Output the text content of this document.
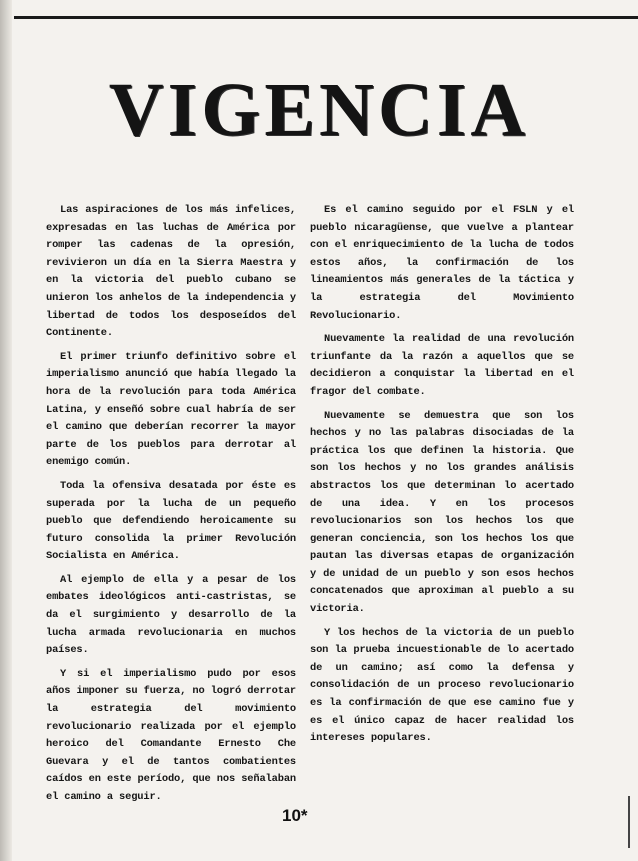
VIGENCIA

Las aspiraciones de los más infelices, expresadas en las luchas de América por romper las cadenas de la opresión, revivieron un día en la Sierra Maestra y en la victoria del pueblo cubano se unieron los anhelos de la independencia y libertad de todos los desposeídos del Continente.

El primer triunfo definitivo sobre el imperialismo anunció que había llegado la hora de la revolución para toda América Latina, y enseñó sobre cual habría de ser el camino que deberían recorrer la mayor parte de los pueblos para derrotar al enemigo común.

Toda la ofensiva desatada por éste es superada por la lucha de un pequeño pueblo que defendiendo heroicamente su futuro consolida la primer Revolución Socialista en América.

Al ejemplo de ella y a pesar de los embates ideológicos anti-castristas, se da el surgimiento y desarrollo de la lucha armada revolucionaria en muchos países.

Y si el imperialismo pudo por esos años imponer su fuerza, no logró derrotar la estrategia del movimiento revolucionario realizada por el ejemplo heroico del Comandante Ernesto Che Guevara y el de tantos combatientes caídos en este período, que nos señalaban el camino a seguir.

Es el camino seguido por el FSLN y el pueblo nicaragüense, que vuelve a plantear con el enriquecimiento de la lucha de todos estos años, la confirmación de los lineamientos más generales de la táctica y la estrategia del Movimiento Revolucionario.

Nuevamente la realidad de una revolución triunfante da la razón a aquellos que se decidieron a conquistar la libertad en el fragor del combate.

Nuevamente se demuestra que son los hechos y no las palabras disociadas de la práctica los que definen la historia. Que son los hechos y no los grandes análisis abstractos los que determinan lo acertado de una idea. Y en los procesos revolucionarios son los hechos los que generan conciencia, son los hechos los que pautan las diversas etapas de organización y de unidad de un pueblo y son esos hechos concatenados que aproximan al pueblo a su victoria.

Y los hechos de la victoria de un pueblo son la prueba incuestionable de lo acertado de un camino; así como la defensa y consolidación de un proceso revolucionario es la confirmación de que ese camino fue y es el único capaz de hacer realidad los intereses populares.

10*
